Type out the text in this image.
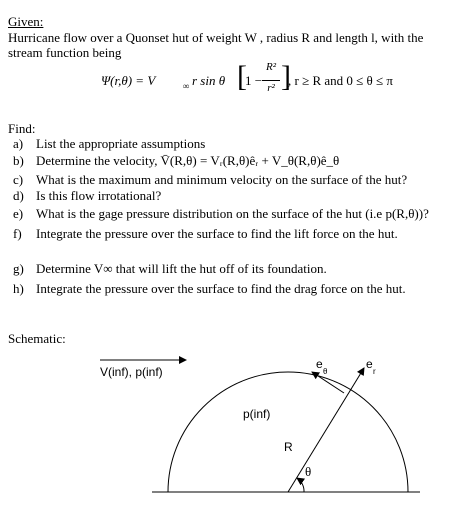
Given:
Hurricane flow over a Quonset hut of weight W , radius R and length l, with the
stream function being
Ψ(r,θ) = V	∞ r sin θ [
1 −
R²
r² ]
, r ≥ R and 0 ≤ θ ≤ π
Find:
a) List the appropriate assumptions
b) Determine the velocity, V̄(R,θ) = Vᵣ(R,θ)êᵣ + V_θ(R,θ)ê_θ
c) What is the maximum and minimum velocity on the surface of the hut?
d) Is this flow irrotational?
e) What is the gage pressure distribution on the surface of the hut (i.e p(R,θ))?
f) Integrate the pressure over the surface to find the lift force on the hut.
g) Determine V∞ that will lift the hut off of its foundation.
h) Integrate the pressure over the surface to find the drag force on the hut.
Schematic:
V(inf), p(inf)
p(inf)
R
θ
e
θ
e
r
